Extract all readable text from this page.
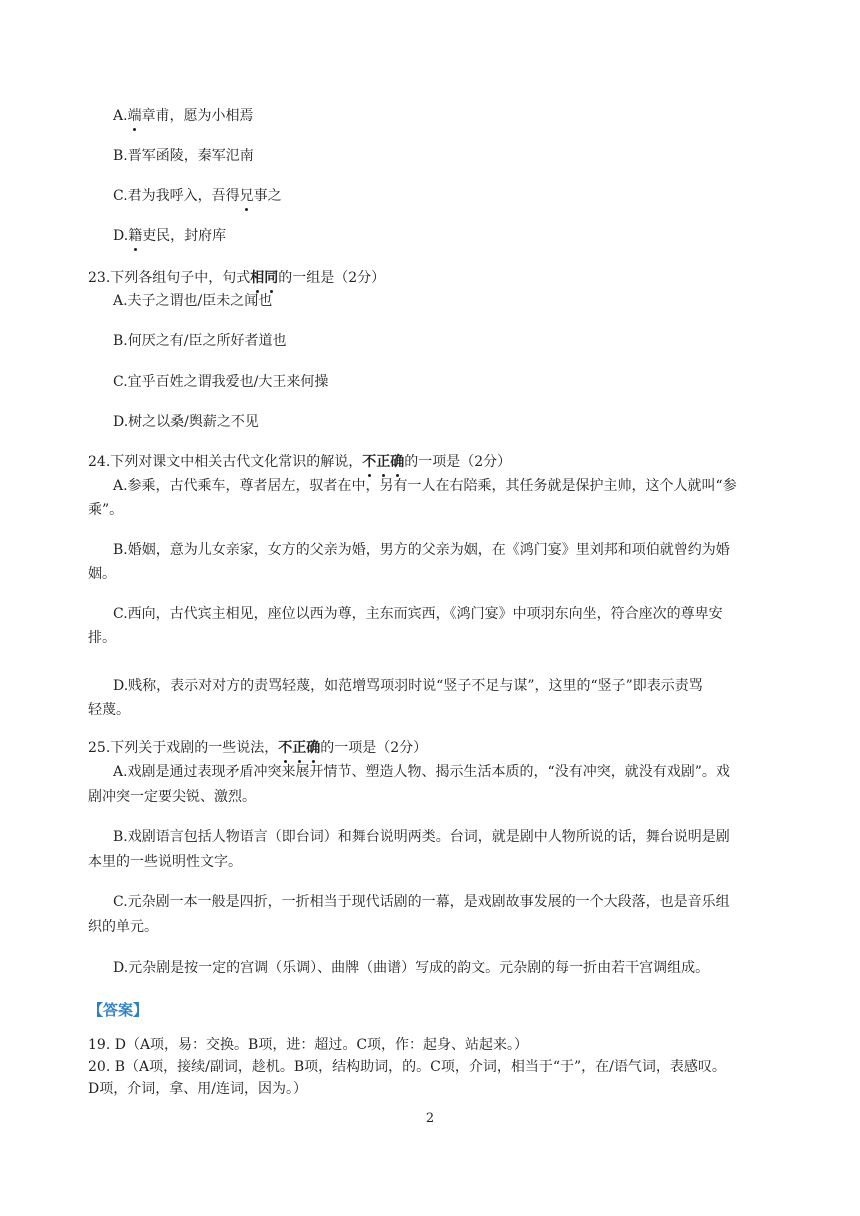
A.端章甫，愿为小相焉
B.晋军函陵，秦军氾南
C.君为我呼入，吾得兄事之
D.籍吏民，封府库
23.下列各组句子中，句式相同的一组是（2分）
A.夫子之谓也/臣未之闻也
B.何厌之有/臣之所好者道也
C.宜乎百姓之谓我爱也/大王来何操
D.树之以桑/舆薪之不见
24.下列对课文中相关古代文化常识的解说，不正确的一项是（2分）
A.参乘，古代乘车，尊者居左，驭者在中，另有一人在右陪乘，其任务就是保护主帅，这个人就叫“参
乘”。
B.婚姻，意为儿女亲家，女方的父亲为婚，男方的父亲为姻，在《鸿门宴》里刘邦和项伯就曾约为婚
姻。
C.西向，古代宾主相见，座位以西为尊，主东而宾西，《鸿门宴》中项羽东向坐，符合座次的尊卑安
排。
D.贱称，表示对对方的责骂轻蔑，如范增骂项羽时说“竖子不足与谋”，这里的“竖子”即表示责骂
轻蔑。
25.下列关于戏剧的一些说法，不正确的一项是（2分）
A.戏剧是通过表现矛盾冲突来展开情节、塑造人物、揭示生活本质的，“没有冲突，就没有戏剧”。戏
剧冲突一定要尖锐、激烈。
B.戏剧语言包括人物语言（即台词）和舞台说明两类。台词，就是剧中人物所说的话，舞台说明是剧
本里的一些说明性文字。
C.元杂剧一本一般是四折，一折相当于现代话剧的一幕，是戏剧故事发展的一个大段落，也是音乐组
织的单元。
D.元杂剧是按一定的宫调（乐调）、曲牌（曲谱）写成的韵文。元杂剧的每一折由若干宫调组成。
【答案】
19. D（A项，易：交换。B项，进：超过。C项，作：起身、站起来。）
20. B（A项，接续/副词，趁机。B项，结构助词，的。C项，介词，相当于“于”，在/语气词，表感叹。
D项，介词，拿、用/连词，因为。）
2
